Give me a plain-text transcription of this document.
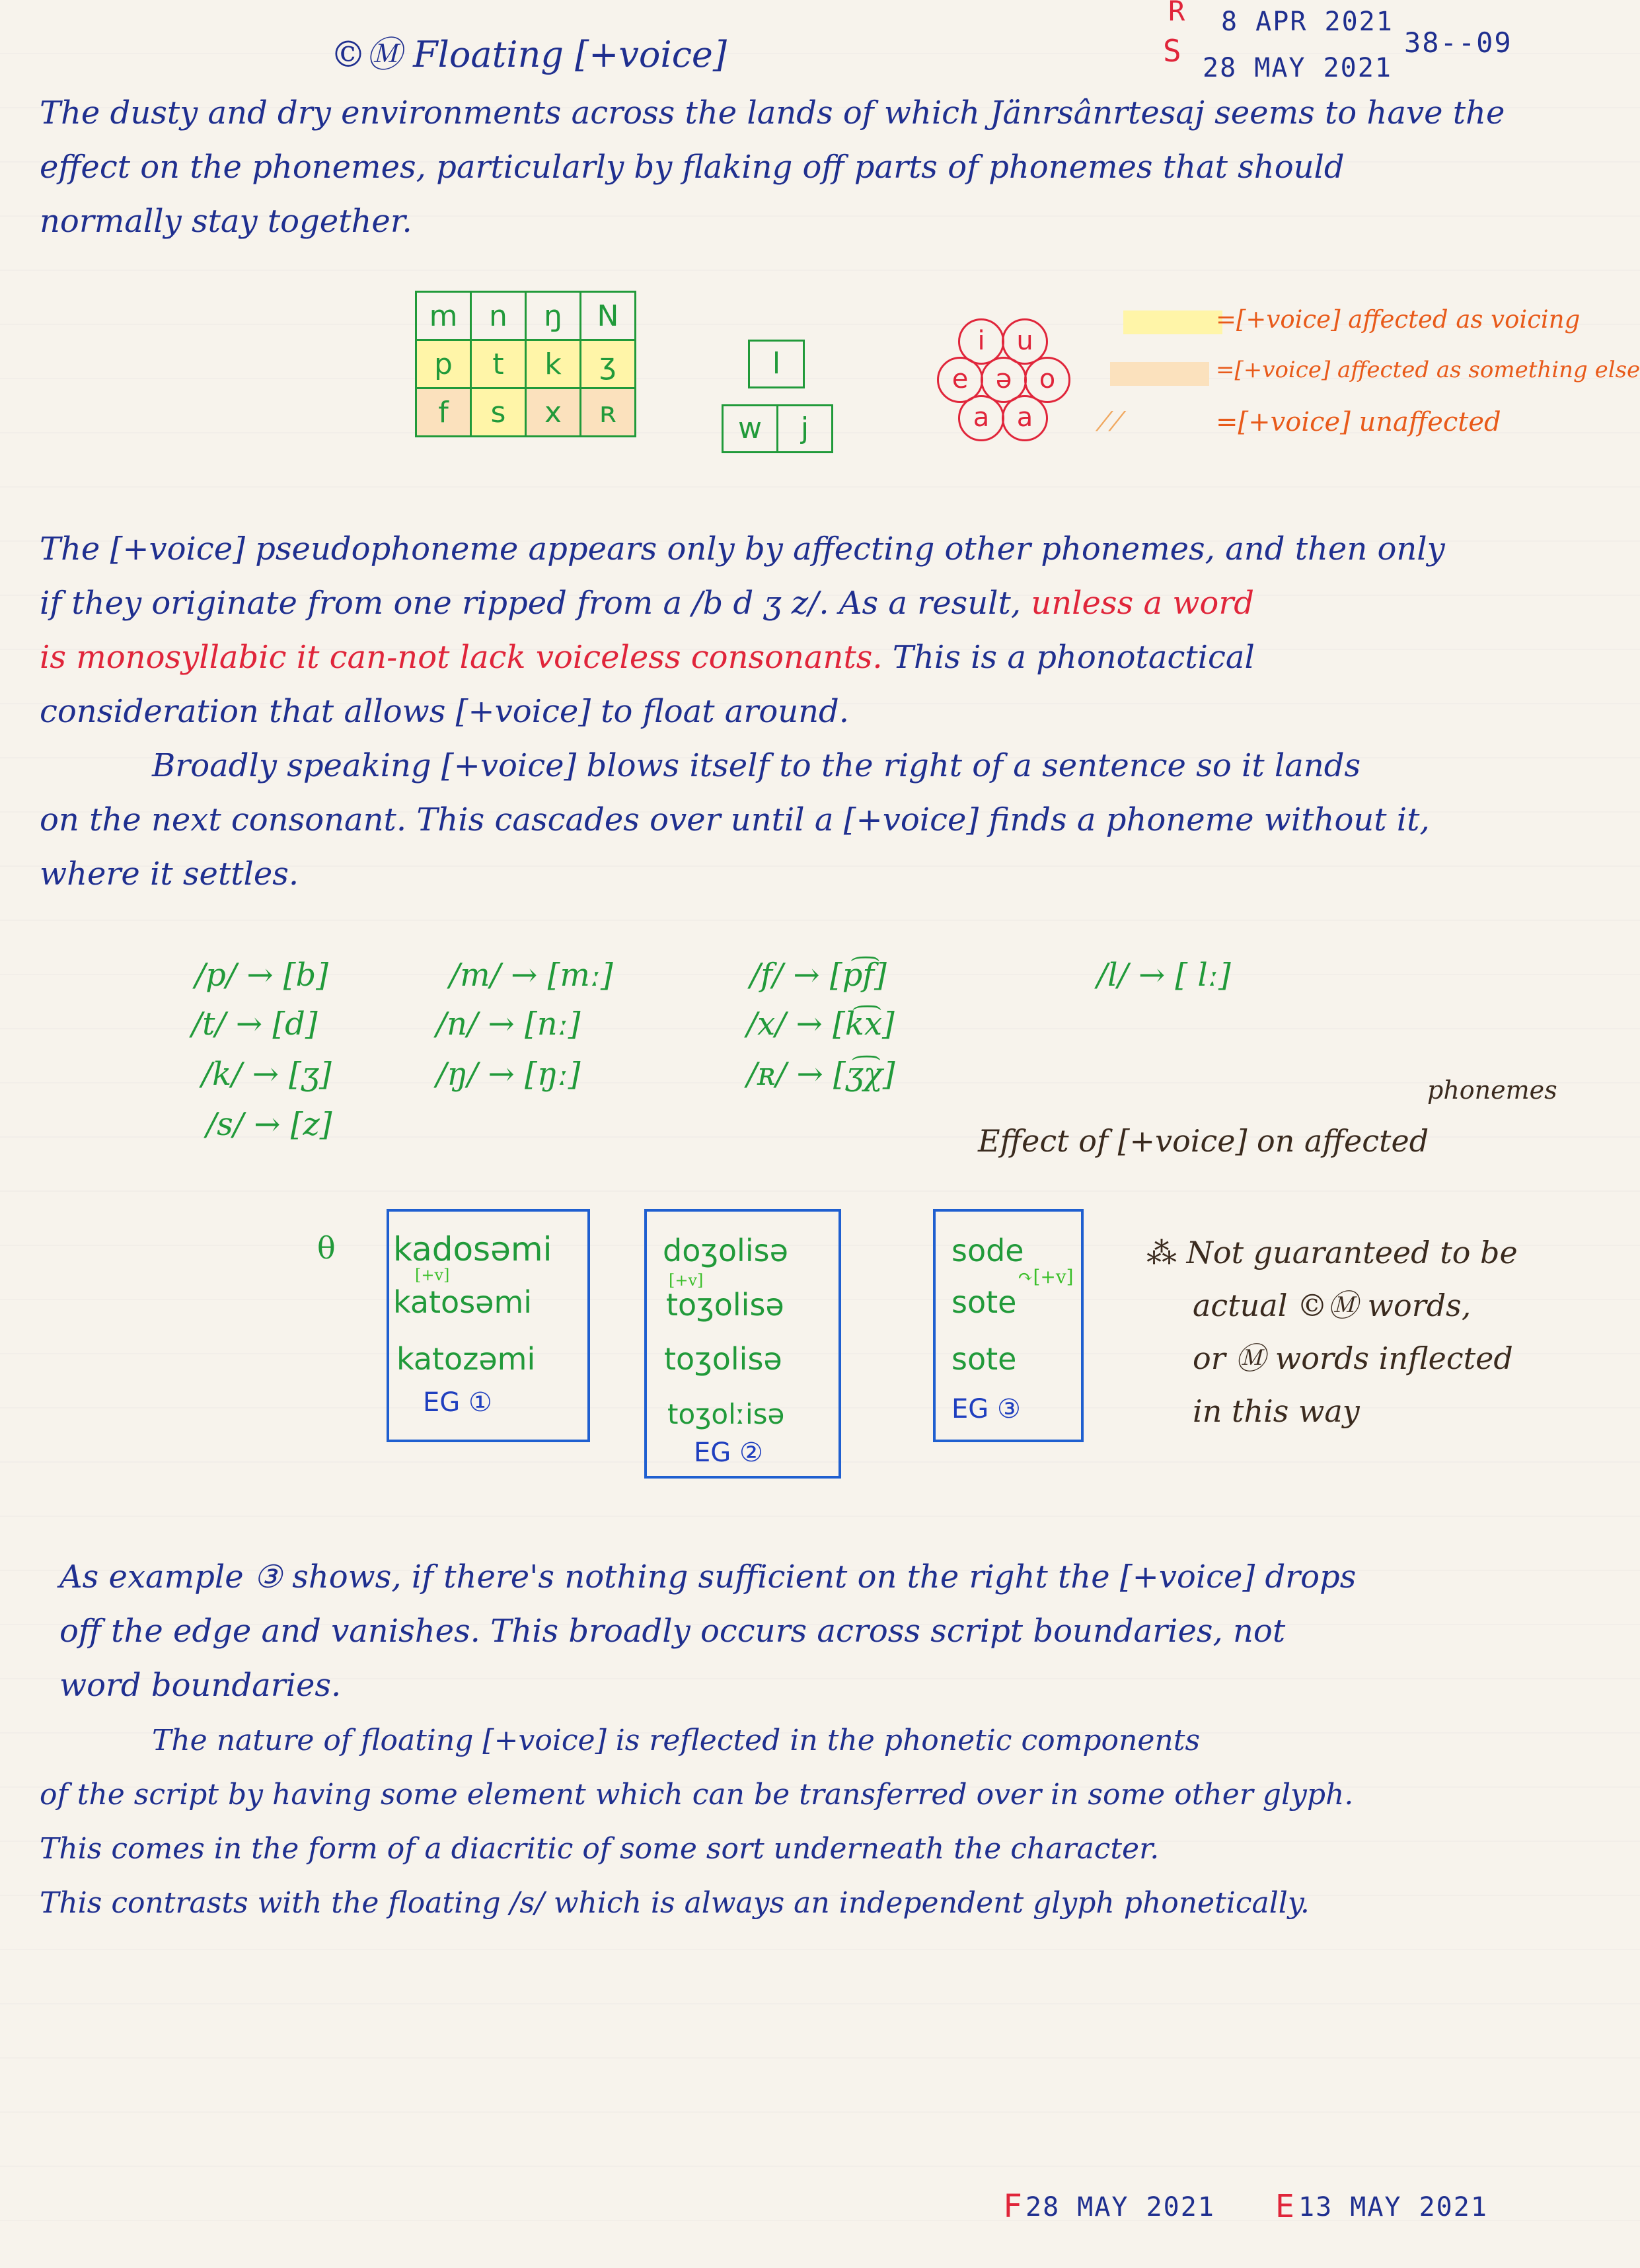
©Ⓜ Floating [+voice]
R
S
8 APR 2021
28 MAY 2021
38--09

The dusty and dry environments across the lands of which Jänrsânrtesaj seems to have the

effect on the phonemes, particularly by flaking off parts of phonemes that should

normally stay together.

m	n	ŋ	N
p	t	k	ʒ
f	s	x	ʀ
l
w	j
i	u
e	ə	o
a	a
=[+voice] affected as voicing
=[+voice] affected as something else
⁄ ⁄	=[+voice] unaffected

The [+voice] pseudophoneme appears only by affecting other phonemes, and then only

if they originate from one ripped from a /b d ʒ z/. As a result, unless a word

is monosyllabic it can-not lack voiceless consonants. This is a phonotactical

consideration that allows [+voice] to float around.

Broadly speaking [+voice] blows itself to the right of a sentence so it lands

on the next consonant. This cascades over until a [+voice] finds a phoneme without it,

where it settles.

/p/ → [b]
/t/ → [d]
/k/ → [ʒ]
/s/ → [z]
/m/ → [mː]
/n/ → [nː]
/ŋ/ → [ŋː]
/f/ → [p͡f]
/x/ → [k͡x]
/ʀ/ → [ʒ͡χ]
/l/ → [ lː]
phonemes
Effect of [+voice] on affected
θ kadosəmi
[+v]
katosəmi
katozəmi
EG ①
doʒolisə
[+v]
toʒolisə
toʒolisə
toʒolːisə
EG ②
sode
↷[+v]
sote
sote
EG ③
⁂ Not guaranteed to be
actual ©Ⓜ words,
or Ⓜ words inflected
in this way

As example ③ shows, if there's nothing sufficient on the right the [+voice] drops

off the edge and vanishes. This broadly occurs across script boundaries, not

word boundaries.

The nature of floating [+voice] is reflected in the phonetic components

of the script by having some element which can be transferred over in some other glyph.

This comes in the form of a diacritic of some sort underneath the character.

This contrasts with the floating /s/ which is always an independent glyph phonetically.

F 28 MAY 2021 E 13 MAY 2021
